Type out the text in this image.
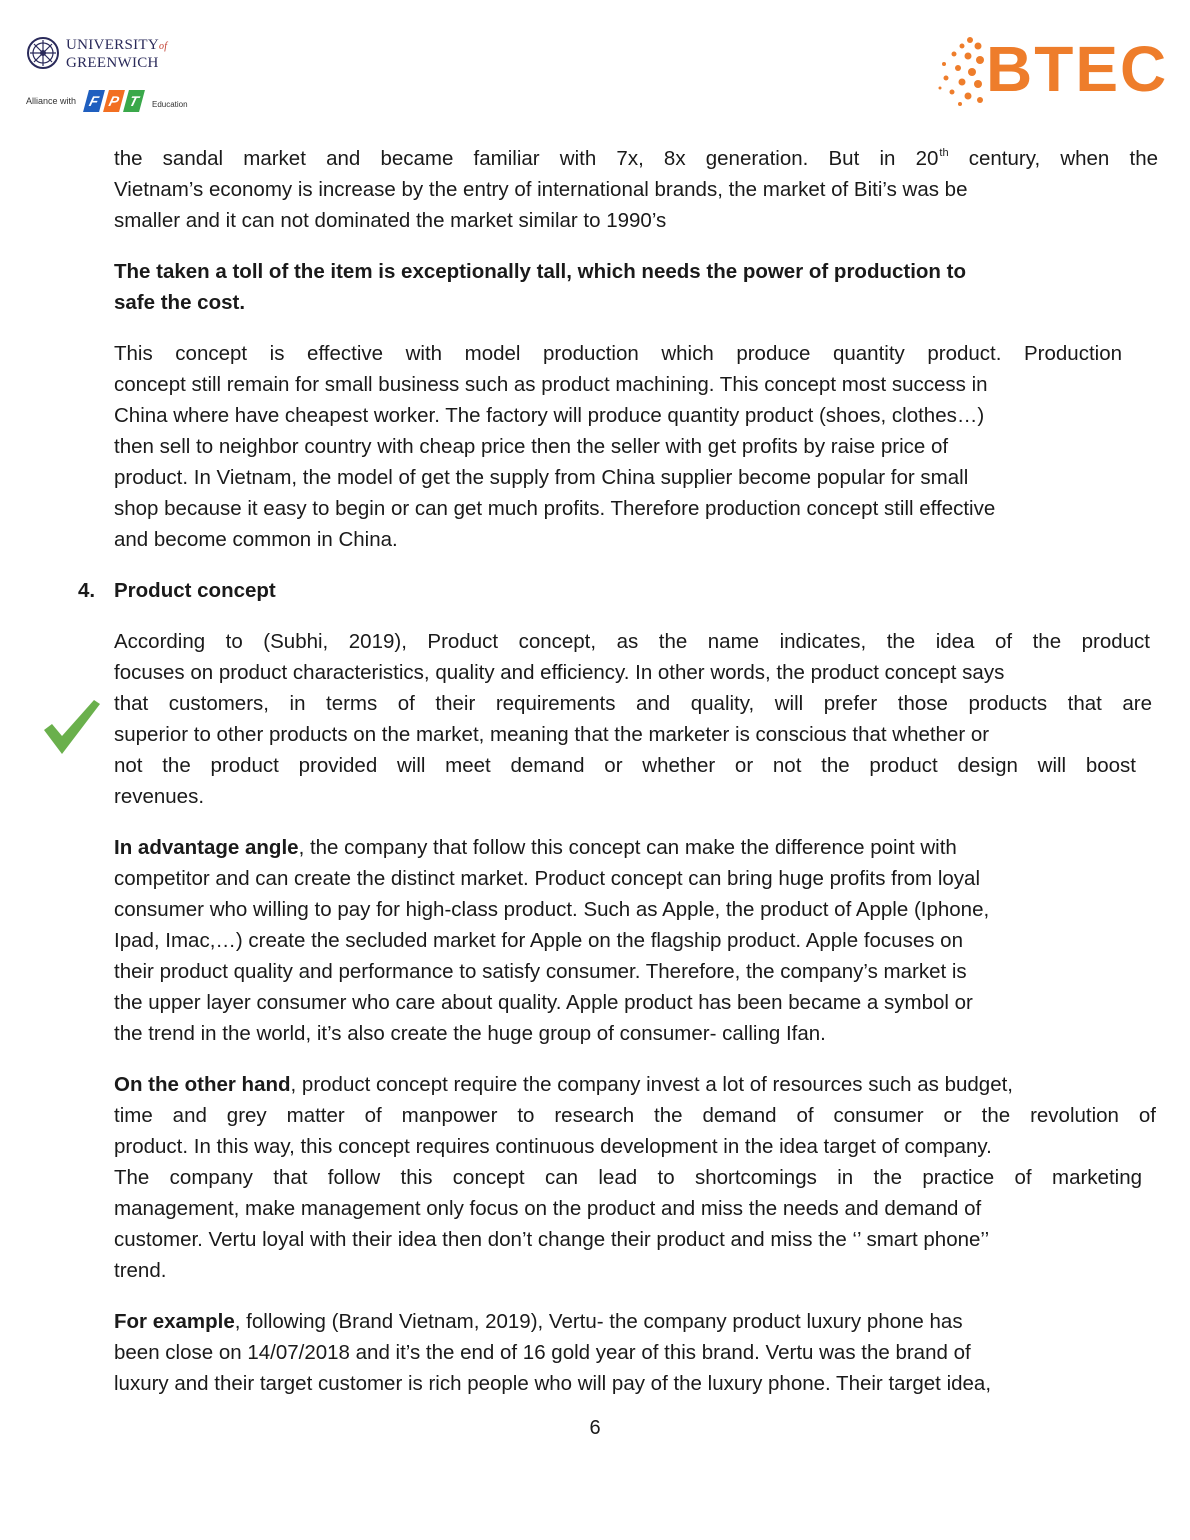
UNIVERSITYof
GREENWICH
Alliance with F P T	Education	BTEC

the sandal market and became familiar with 7x, 8x generation. But in 20th century, when the
Vietnam’s economy is increase by the entry of international brands, the market of Biti’s was be
smaller and it can not dominated the market similar to 1990’s

The taken a toll of the item is exceptionally tall, which needs the power of production to
safe the cost.

This concept is effective with model production which produce quantity product. Production
concept still remain for small business such as product machining. This concept most success in
China where have cheapest worker. The factory will produce quantity product (shoes, clothes…)
then sell to neighbor country with cheap price then the seller with get profits by raise price of
product. In Vietnam, the model of get the supply from China supplier become popular for small
shop because it easy to begin or can get much profits. Therefore production concept still effective
and become common in China.

4. Product concept

According to (Subhi, 2019), Product concept, as the name indicates, the idea of the product
focuses on product characteristics, quality and efficiency. In other words, the product concept says
that customers, in terms of their requirements and quality, will prefer those products that are
superior to other products on the market, meaning that the marketer is conscious that whether or
not the product provided will meet demand or whether or not the product design will boost
revenues.

In advantage angle, the company that follow this concept can make the difference point with
competitor and can create the distinct market. Product concept can bring huge profits from loyal
consumer who willing to pay for high-class product. Such as Apple, the product of Apple (Iphone,
Ipad, Imac,…) create the secluded market for Apple on the flagship product. Apple focuses on
their product quality and performance to satisfy consumer. Therefore, the company’s market is
the upper layer consumer who care about quality. Apple product has been became a symbol or
the trend in the world, it’s also create the huge group of consumer- calling Ifan.

On the other hand, product concept require the company invest a lot of resources such as budget,
time and grey matter of manpower to research the demand of consumer or the revolution of
product. In this way, this concept requires continuous development in the idea target of company.
The company that follow this concept can lead to shortcomings in the practice of marketing
management, make management only focus on the product and miss the needs and demand of
customer. Vertu loyal with their idea then don’t change their product and miss the ‘’ smart phone’’
trend.

For example, following (Brand Vietnam, 2019), Vertu- the company product luxury phone has
been close on 14/07/2018 and it’s the end of 16 gold year of this brand. Vertu was the brand of
luxury and their target customer is rich people who will pay of the luxury phone. Their target idea,

6
